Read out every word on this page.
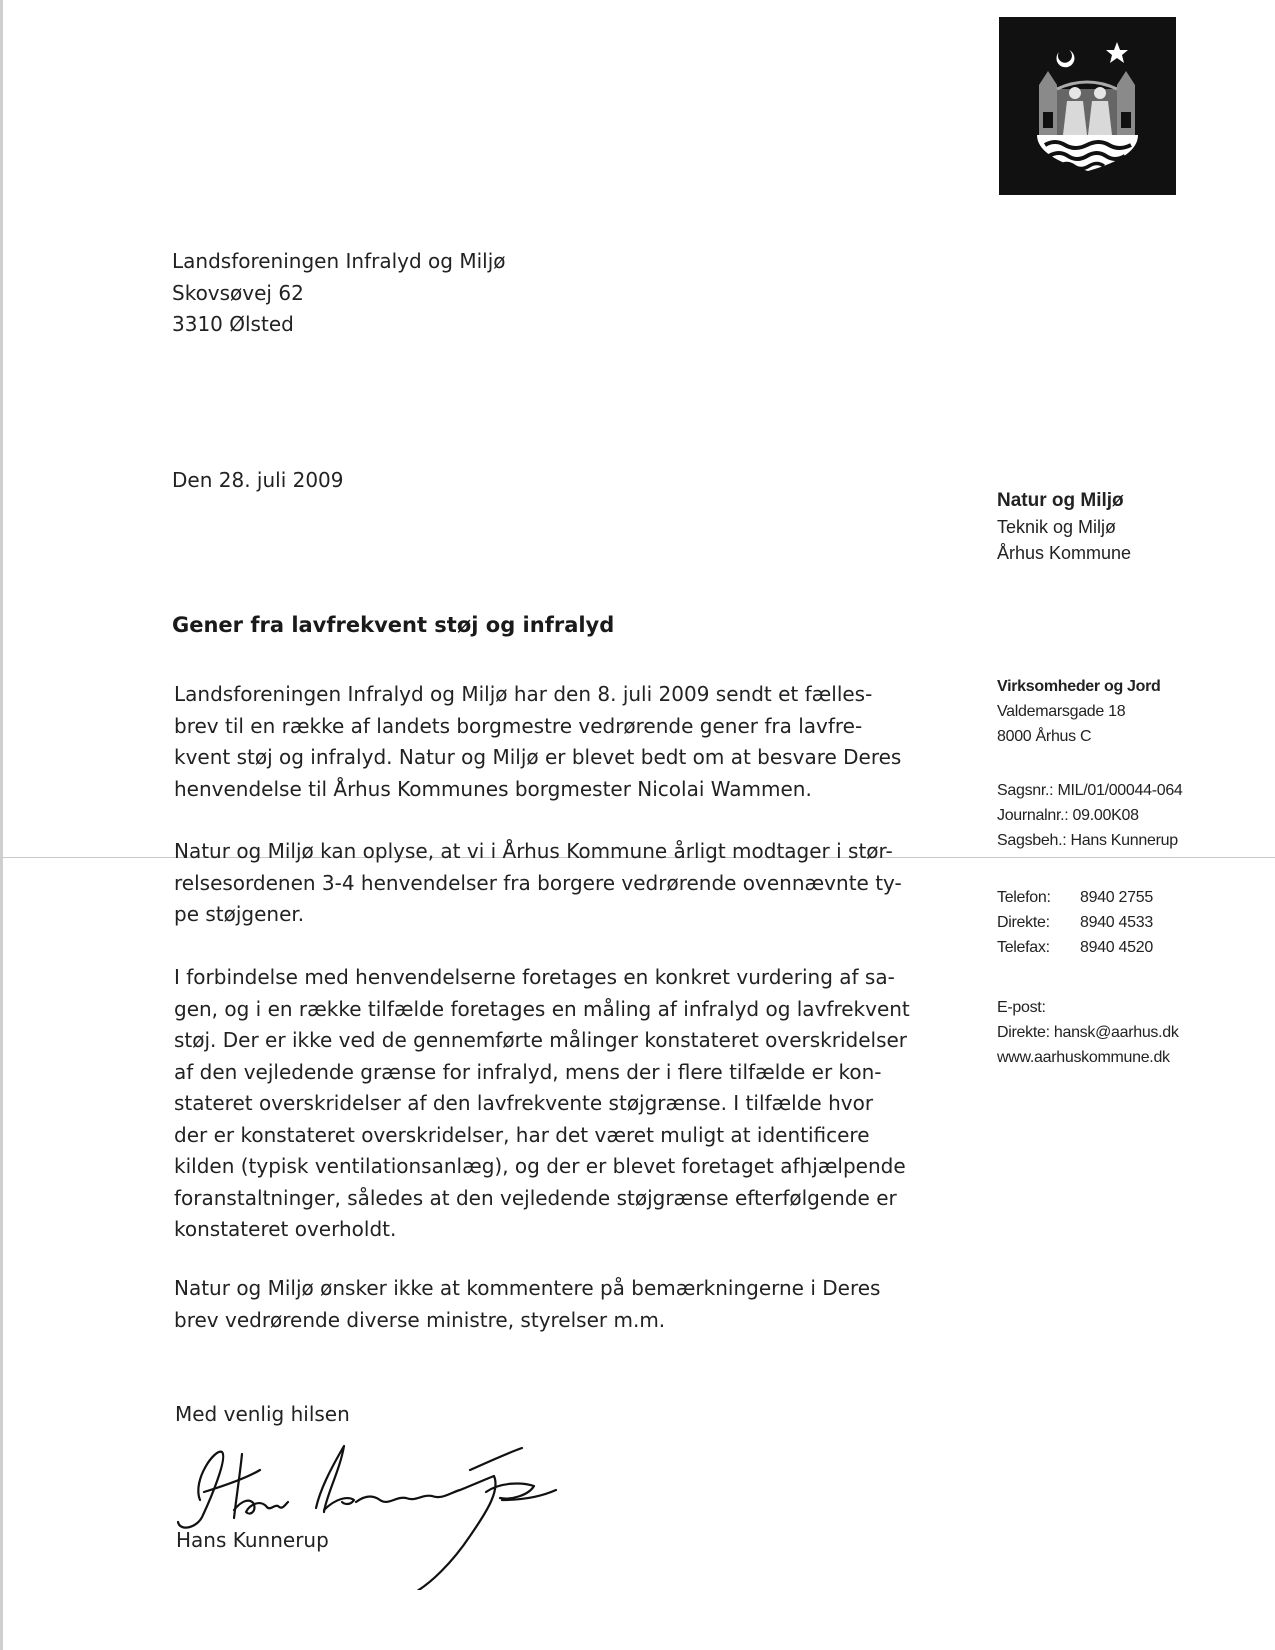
Landsforeningen Infralyd og Miljø
Skovsøvej 62
3310 Ølsted
Den 28. juli 2009
Natur og Miljø
Teknik og Miljø
Århus Kommune
Gener fra lavfrekvent støj og infralyd
Virksomheder og Jord
Valdemarsgade 18
8000 Århus C
Sagsnr.: MIL/01/00044-064
Journalnr.: 09.00K08
Sagsbeh.: Hans Kunnerup
Telefon:	8940 2755
Direkte:	8940 4533
Telefax:	8940 4520
E-post:
Direkte: hansk@aarhus.dk
www.aarhuskommune.dk
Landsforeningen Infralyd og Miljø har den 8. juli 2009 sendt et fælles-
brev til en række af landets borgmestre vedrørende gener fra lavfre-
kvent støj og infralyd. Natur og Miljø er blevet bedt om at besvare Deres
henvendelse til Århus Kommunes borgmester Nicolai Wammen.
Natur og Miljø kan oplyse, at vi i Århus Kommune årligt modtager i stør-
relsesordenen 3-4 henvendelser fra borgere vedrørende ovennævnte ty-
pe støjgener.
I forbindelse med henvendelserne foretages en konkret vurdering af sa-
gen, og i en række tilfælde foretages en måling af infralyd og lavfrekvent
støj. Der er ikke ved de gennemførte målinger konstateret overskridelser
af den vejledende grænse for infralyd, mens der i flere tilfælde er kon-
stateret overskridelser af den lavfrekvente støjgrænse. I tilfælde hvor
der er konstateret overskridelser, har det været muligt at identificere
kilden (typisk ventilationsanlæg), og der er blevet foretaget afhjælpende
foranstaltninger, således at den vejledende støjgrænse efterfølgende er
konstateret overholdt.
Natur og Miljø ønsker ikke at kommentere på bemærkningerne i Deres
brev vedrørende diverse ministre, styrelser m.m.
Med venlig hilsen
Hans Kunnerup
